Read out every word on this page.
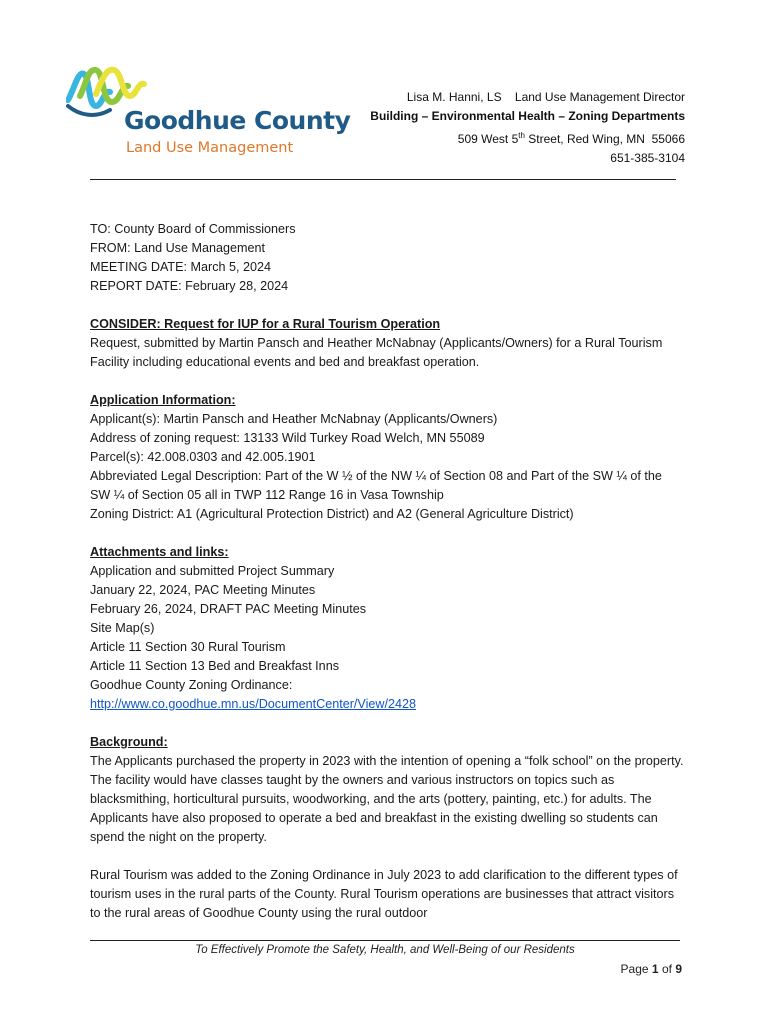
Goodhue County
Land Use Management
Lisa M. Hanni, LS    Land Use Management Director
Building – Environmental Health – Zoning Departments
509 West 5th Street, Red Wing, MN  55066
651-385-3104

TO: County Board of Commissioners

FROM: Land Use Management

MEETING DATE: March 5, 2024

REPORT DATE: February 28, 2024

CONSIDER: Request for IUP for a Rural Tourism Operation

Request, submitted by Martin Pansch and Heather McNabnay (Applicants/Owners) for a Rural Tourism Facility including educational events and bed and breakfast operation.

Application Information:

Applicant(s): Martin Pansch and Heather McNabnay (Applicants/Owners)

Address of zoning request: 13133 Wild Turkey Road Welch, MN 55089

Parcel(s): 42.008.0303 and 42.005.1901

Abbreviated Legal Description: Part of the W ½ of the NW ¼ of Section 08 and Part of the SW ¼ of the SW ¼ of Section 05 all in TWP 112 Range 16 in Vasa Township

Zoning District: A1 (Agricultural Protection District) and A2 (General Agriculture District)

Attachments and links:

Application and submitted Project Summary

January 22, 2024, PAC Meeting Minutes

February 26, 2024, DRAFT PAC Meeting Minutes

Site Map(s)

Article 11 Section 30 Rural Tourism

Article 11 Section 13 Bed and Breakfast Inns

Goodhue County Zoning Ordinance:

http://www.co.goodhue.mn.us/DocumentCenter/View/2428

Background:

The Applicants purchased the property in 2023 with the intention of opening a “folk school” on the property. The facility would have classes taught by the owners and various instructors on topics such as blacksmithing, horticultural pursuits, woodworking, and the arts (pottery, painting, etc.) for adults. The Applicants have also proposed to operate a bed and breakfast in the existing dwelling so students can spend the night on the property.

Rural Tourism was added to the Zoning Ordinance in July 2023 to add clarification to the different types of tourism uses in the rural parts of the County. Rural Tourism operations are businesses that attract visitors to the rural areas of Goodhue County using the rural outdoor

To Effectively Promote the Safety, Health, and Well-Being of our Residents
Page 1 of 9
